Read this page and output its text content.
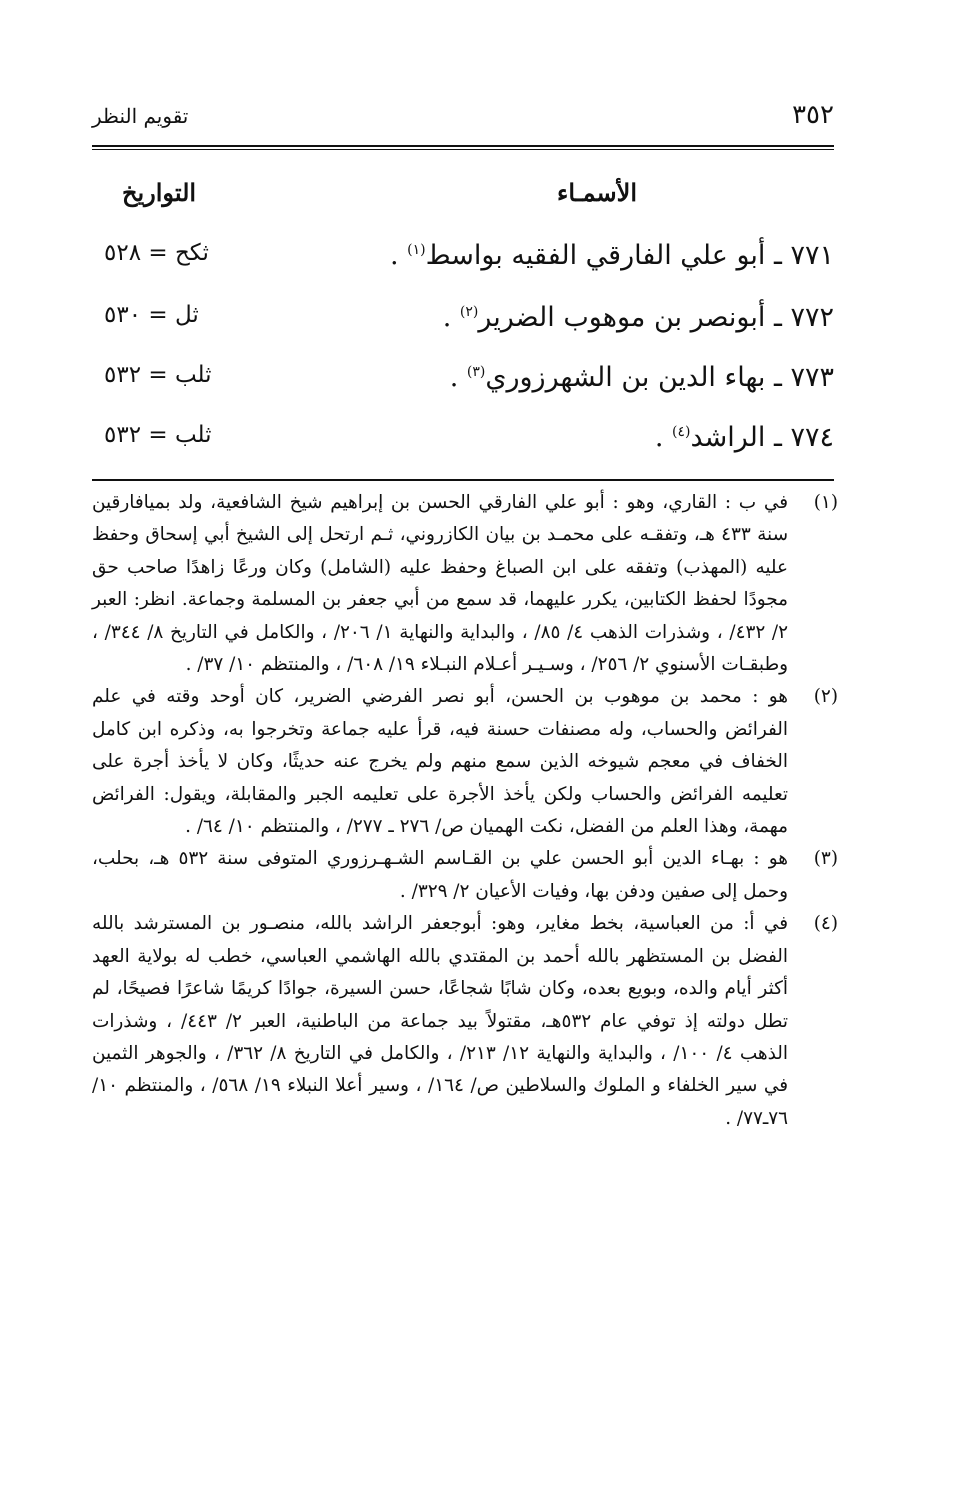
٣٥٢
تقويم النظر
الأسمـاء
التواريخ
٧٧١ ـ أبو علي الفارقي الفقيه بواسط$^{(١)}$ .
ثكح = ٥٢٨
٧٧٢ ـ أبونصر بن موهوب الضرير$^{(٢)}$ .
ثل = ٥٣٠
٧٧٣ ـ بهاء الدين بن الشهرزوري$^{(٣)}$ .
ثلب = ٥٣٢
٧٧٤ ـ الراشد$^{(٤)}$ .
ثلب = ٥٣٢
(١)
في ب : القاري، وهو : أبو علي الفارقي الحسن بن إبراهيم شيخ الشافعية، ولد بميافارقين سنة ٤٣٣ هـ، وتفقـه على محمـد بن بيان الكازروني، ثـم ارتحل إلى الشيخ أبي إسحاق وحفظ عليه (المهذب) وتفقه على ابن الصباغ وحفظ عليه (الشامل) وكان ورعًا زاهدًا صاحب حق مجودًا لحفظ الكتابين، يكرر عليهما، قد سمع من أبي جعفر بن المسلمة وجماعة. انظر: العبر ٢/ ٤٣٢/ ، وشذرات الذهب ٤/ ٨٥/ ، والبداية والنهاية ١/ ٢٠٦/ ، والكامل في التاريخ ٨/ ٣٤٤/ ، وطبقـات الأسنوي ٢/ ٢٥٦/ ، وسـيـر أعـلام النبـلاء ١٩/ ٦٠٨/ ، والمنتظم ١٠/ ٣٧/ .
(٢)
هو : محمد بن موهوب بن الحسن، أبو نصر الفرضي الضرير، كان أوحد وقته في علم الفرائض والحساب، وله مصنفات حسنة فيه، قرأ عليه جماعة وتخرجوا به، وذكره ابن كامل الخفاف في معجم شيوخه الذين سمع منهم ولم يخرج عنه حديثًا، وكان لا يأخذ أجرة على تعليمه الفرائض والحساب ولكن يأخذ الأجرة على تعليمه الجبر والمقابلة، ويقول: الفرائض مهمة، وهذا العلم من الفضل، نكت الهميان ص/ ٢٧٦ ـ ٢٧٧/ ، والمنتظم ١٠/ ٦٤/ .
(٣)
هو : بهـاء الدين أبو الحسن علي بن القـاسم الشـهـرزوري المتوفى سنة ٥٣٢ هـ، بحلب، وحمل إلى صفين ودفن بها، وفيات الأعيان ٢/ ٣٢٩/ .
(٤)
في أ: من العباسية، بخط مغاير، وهو: أبوجعفر الراشد بالله، منصـور بن المسترشد بالله الفضل بن المستظهر بالله أحمد بن المقتدي بالله الهاشمي العباسي، خطب له بولاية العهد أكثر أيام والده، وبويع بعده، وكان شابًا شجاعًا، حسن السيرة، جوادًا كريمًا شاعرًا فصيحًا، لم تطل دولته إذ توفي عام ٥٣٢هـ، مقتولاً بيد جماعة من الباطنية، العبر ٢/ ٤٤٣/ ، وشذرات الذهب ٤/ ١٠٠/ ، والبداية والنهاية ١٢/ ٢١٣/ ، والكامل في التاريخ ٨/ ٣٦٢/ ، والجوهر الثمين في سير الخلفاء و الملوك والسلاطين ص/ ١٦٤/ ، وسير أعلا النبلاء ١٩/ ٥٦٨/ ، والمنتظم ١٠/ ٧٦ـ٧٧/ .
